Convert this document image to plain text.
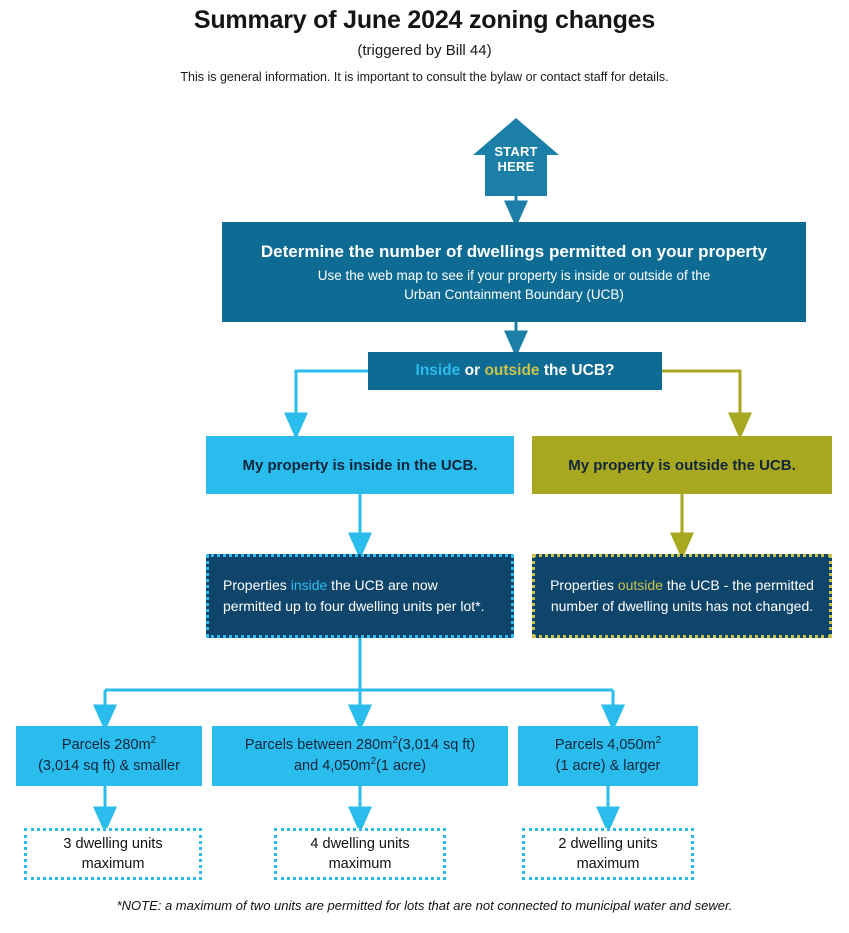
Summary of June 2024 zoning changes
(triggered by Bill 44)
This is general information. It is important to consult the bylaw or contact staff for details.
START
HERE
Determine the number of dwellings permitted on your property
Use the web map to see if your property is inside or outside of the
Urban Containment Boundary (UCB)
Inside or outside the UCB?
My property is inside in the UCB.	My property is outside the UCB.
Properties inside the UCB are now permitted up to four dwelling units per lot*.
Properties outside the UCB - the permitted number of dwelling units has not changed.
Parcels $280m^2$
(3,014 sq ft) & smaller
Parcels between $280m^2(3,014$ sq ft)
and $4,050m^2(1$ acre)
Parcels $4,050m^2$
(1 acre) & larger
3 dwelling units
maximum
4 dwelling units
maximum
2 dwelling units
maximum
*NOTE: a maximum of two units are permitted for lots that are not connected to municipal water and sewer.
